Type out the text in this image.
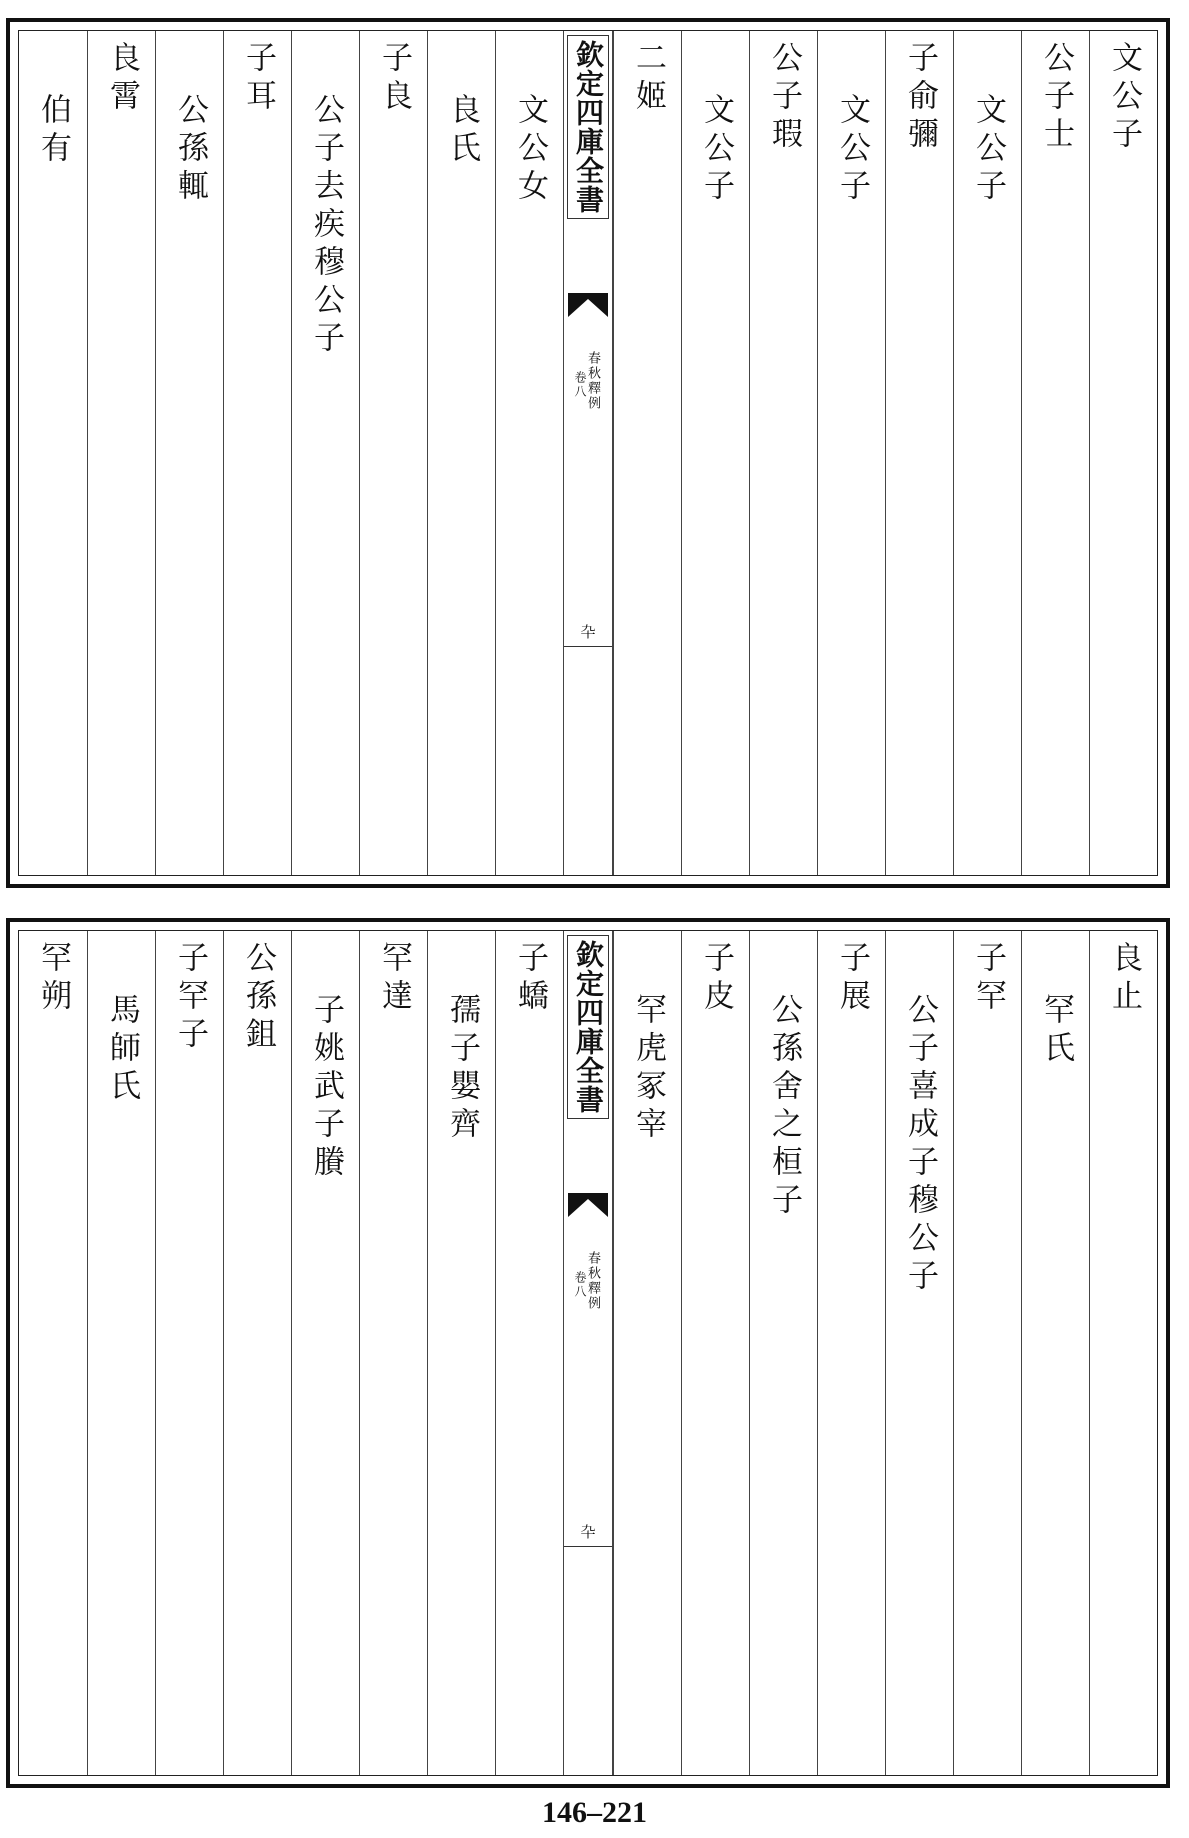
文公子
公子士
文公子
子俞彌
文公子
公子瑕
文公子
二姬
欽定四庫全書
春秋釋例
卷八
卆
文公女
良氏
子良
公子去疾穆公子
子耳
公孫輒
良霄
伯有
良止
罕氏
子罕
公子喜成子穆公子
子展
公孫舍之桓子
子皮
罕虎冢宰
欽定四庫全書
春秋釋例
卷八
卆
子蟜
孺子嬰齊
罕達
子姚武子賸
公孫鉏
子罕子
馬師氏
罕朔
146–221
